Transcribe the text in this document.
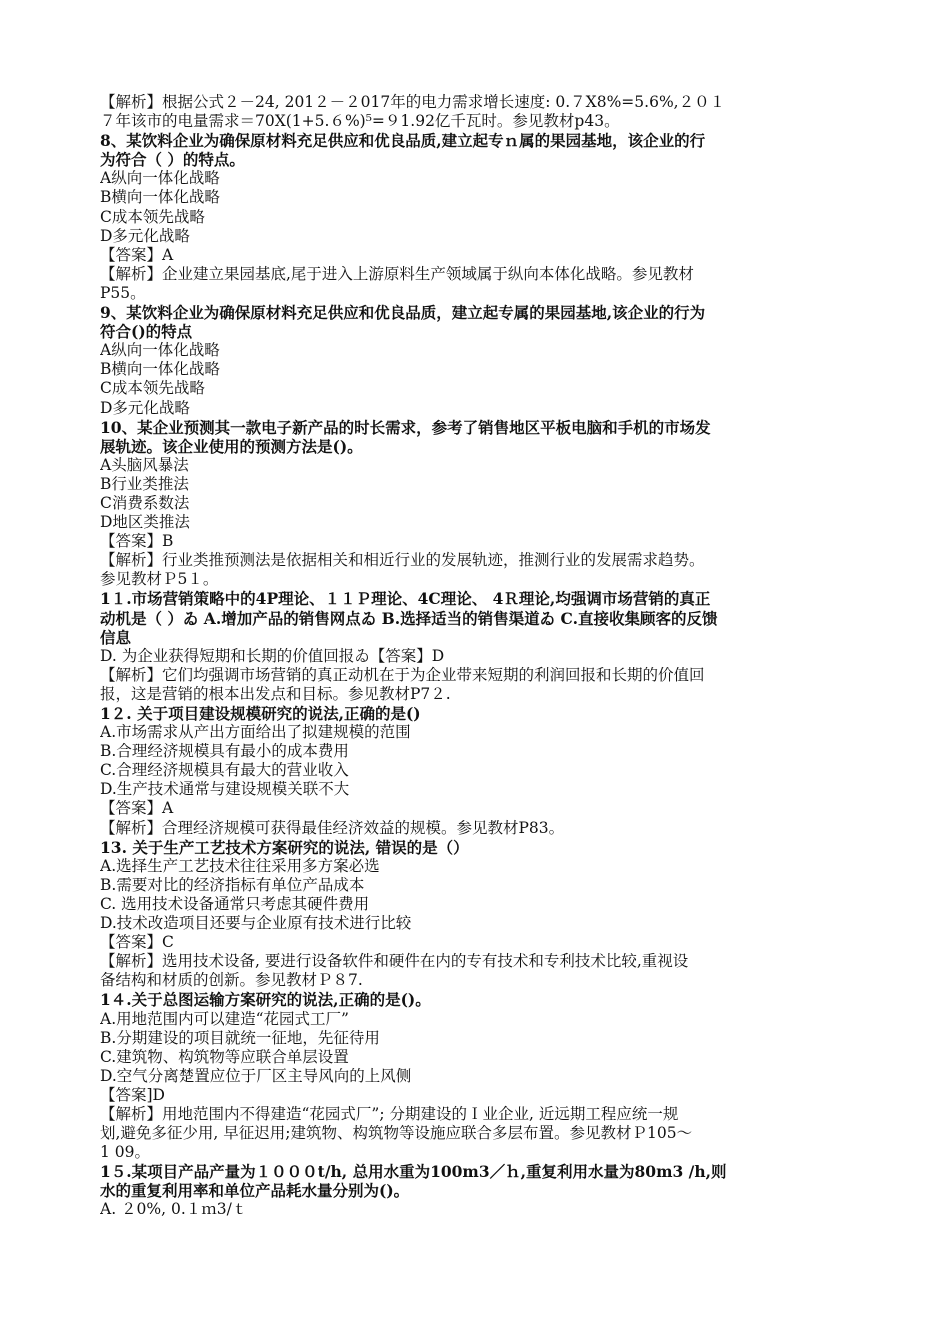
【解析】根据公式２－24, 201２－２017年的电力需求增长速度: 0.７X8%=5.6%,２０１
７年该市的电量需求＝70X(1+5.６%)⁵=９1.92亿千瓦时。参见教材p43。
8、某饮料企业为确保原材料充足供应和优良品质,建立起专ｎ属的果园基地，该企业的行
为符合（ ）的特点。
A纵向一体化战略
B横向一体化战略
C成本领先战略
D多元化战略
【答案】A
【解析】企业建立果园基底,尾于进入上游原料生产领域属于纵向本体化战略。参见教材
P55。
9、某饮料企业为确保原材料充足供应和优良品质，建立起专属的果园基地,该企业的行为
符合()的特点
A纵向一体化战略
B横向一体化战略
C成本领先战略
D多元化战略
10、某企业预测其一款电子新产品的时长需求，参考了销售地区平板电脑和手机的市场发
展轨迹。该企业使用的预测方法是()。
A头脑风暴法
B行业类推法
C消费系数法
D地区类推法
【答案】B
【解析】行业类推预测法是依据相关和相近行业的发展轨迹，推测行业的发展需求趋势。
参见教材Ｐ5１。
1１.市场营销策略中的4P理论、１１Ｐ理论、4C理论、 4Ｒ理论,均强调市场营销的真正
动机是（ ）ゐ A.增加产品的销售网点ゐ B.选择适当的销售渠道ゐ C.直接收集顾客的反馈
信息
D. 为企业获得短期和长期的价值回报ゐ【答案】D
【解析】它们均强调市场营销的真正动机在于为企业带来短期的利润回报和长期的价值回
报，这是营销的根本出发点和目标。参见教材P7２.
1２. 关于项目建设规模研究的说法,正确的是()
A.市场需求从产出方面给出了拟建规模的范围
B.合理经济规模具有最小的成本费用
C.合理经济规模具有最大的营业收入
D.生产技术通常与建设规模关联不大
【答案】A
【解析】合理经济规模可获得最佳经济效益的规模。参见教材P83。
13. 关于生产工艺技术方案研究的说法, 错误的是（）
A.选择生产工艺技术往往采用多方案必选
B.需要对比的经济指标有单位产品成本
C. 选用技术设备通常只考虑其硬件费用
D.技术改造项目还要与企业原有技术进行比较
【答案】C
【解析】选用技术设备, 要进行设备软件和硬件在内的专有技术和专利技术比较,重视设
备结构和材质的创新。参见教材Ｐ８7.
1４.关于总图运输方案研究的说法,正确的是()。
A.用地范围内可以建造“花园式工厂”
B.分期建设的项目就统一征地，先征待用
C.建筑物、构筑物等应联合单层设置
D.空气分离楚置应位于厂区主导风向的上风侧
【答案]D
【解析】用地范围内不得建造“花园式厂”; 分期建设的Ｉ业企业, 近远期工程应统一规
划,避免多征少用, 早征迟用;建筑物、构筑物等设施应联合多层布置。参见教材Ｐ105〜
1 09。
1５.某项目产品产量为１０００t/h, 总用水重为100m3／ｈ,重复利用水量为80m3 /h,则
水的重复利用率和单位产品耗水量分别为()。
A. ２0%, 0.１ｍ3/ｔ
